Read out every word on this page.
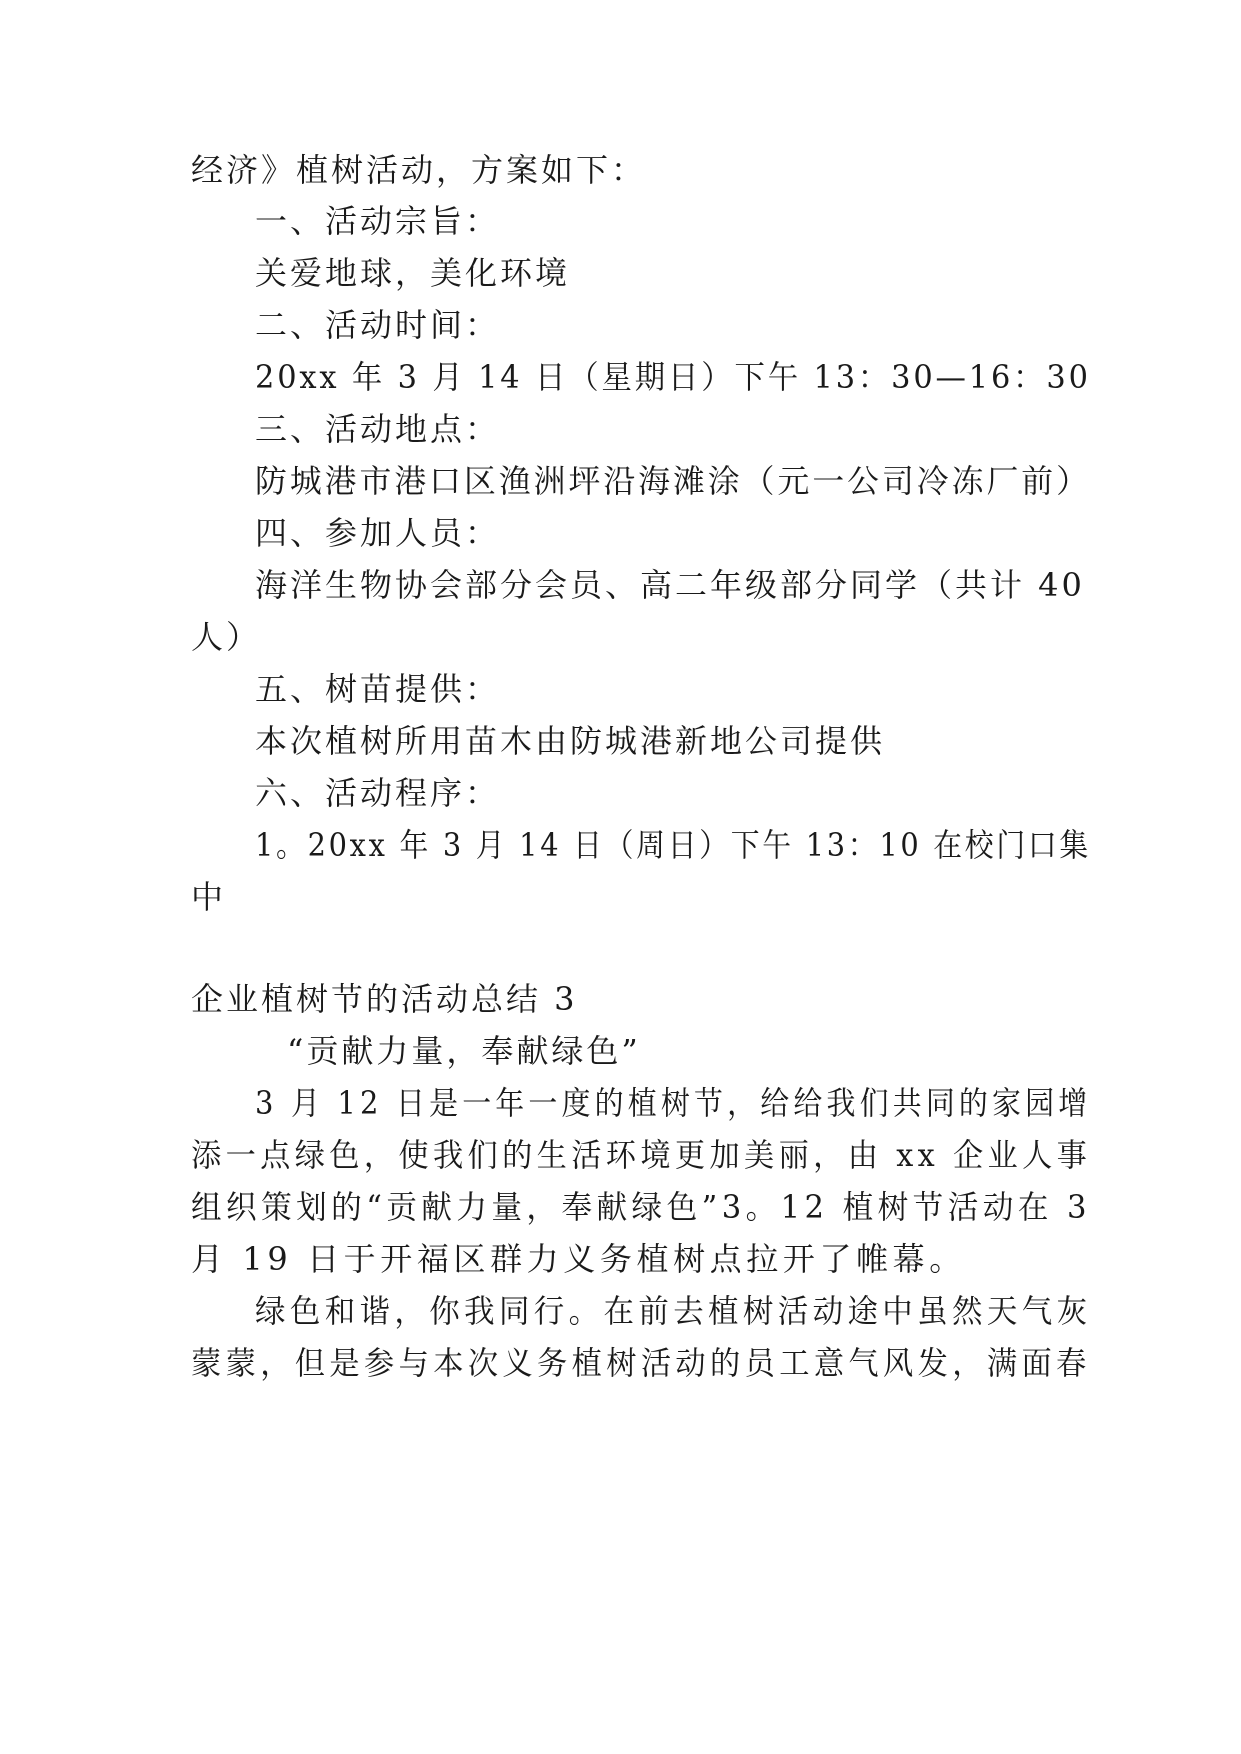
经济》植树活动，方案如下：
一、活动宗旨：
关爱地球，美化环境
二、活动时间：
20xx 年 3 月 14 日（星期日）下午 13：30—16：30
三、活动地点：
防城港市港口区渔洲坪沿海滩涂（元一公司冷冻厂前）
四、参加人员：
海洋生物协会部分会员、高二年级部分同学（共计 40
人）
五、树苗提供：
本次植树所用苗木由防城港新地公司提供
六、活动程序：
1。20xx 年 3 月 14 日（周日）下午 13：10 在校门口集
中
企业植树节的活动总结 3
“贡献力量，奉献绿色”
3 月 12 日是一年一度的植树节，给给我们共同的家园增
添一点绿色，使我们的生活环境更加美丽，由 xx 企业人事
组织策划的“贡献力量，奉献绿色”3。12 植树节活动在 3
月 19 日于开福区群力义务植树点拉开了帷幕。
绿色和谐，你我同行。在前去植树活动途中虽然天气灰
蒙蒙，但是参与本次义务植树活动的员工意气风发，满面春
